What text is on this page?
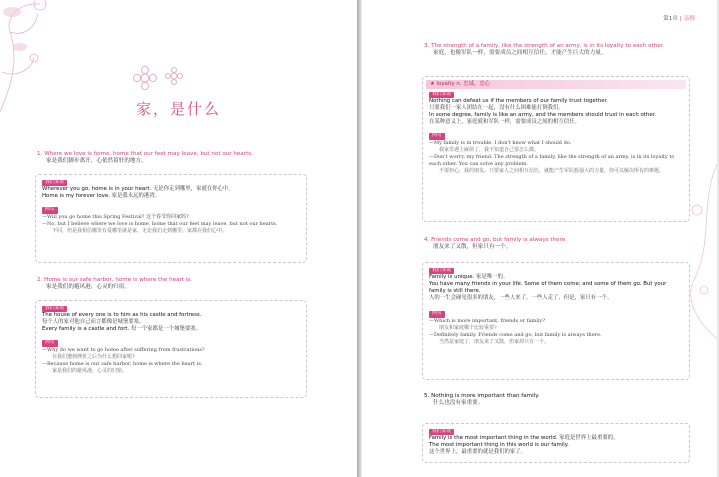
家，是什么
1. Where we love is home, home that our feet may leave, but not our hearts.
家是我们脚步离开，心依然留驻的地方。
我们来说
Wherever you go, home is in your heart. 无论你走到哪里，家就在你心中。
Home is my forever love. 家是我永远的港湾。
例句
—Will you go home this Spring Festival? 这个春节你回家吗?
—No, but I believe where we love is home, home that our feet may leave, but not our hearts.
不回，但是我相信哪里有爱哪里就是家，无论我们走到哪里，家都在我们心中。
2. Home is our safe harbor, home is where the heart is.
家是我们的避风港，心灵的归宿。
我们来说
The house of every one is to him as his castle and fortress.
每个人的家对他自己而言都像是城堡要塞。
Every family is a castle and fort. 每一个家都是一个城堡要塞。
例句
—Why do we want to go home after suffering from frustrations?
在我们遭到挫折之后为什么想回家呢?
—Because home is our safe harbor, home is where the heart is.
家是我们的避风港，心灵的归宿。
第1章 | 亲情
3. The strength of a family, like the strength of an army, is in its loyalty to each other.
家庭，也像军队一样，需要成员之间相互信任，才能产生巨大的力量。
★ loyalty n. 忠诚，忠心
我们来说
Nothing can defeat us if the members of our family trust together.
只要我们一家人团结在一起，没有什么困难能打倒我们。
In some degree, family is like an army, and the members should trust in each other.
在某种意义上，家庭就和军队一样，需要成员之间的相互信任。
例句
—My family is in trouble. I don't know what I should do.
我家里遇上麻烦了，我不知道自己要怎么做。
—Don't worry, my friend. The strength of a family, like the strength of an army, is in its loyalty to each other. You can solve any problem.
不要担心，我的朋友。只要家人之间相互信任，就能产生军队般强大的力量，你可以解决所有的难题。
4. Friends come and go, but family is always there.
朋友来了又散，但家只有一个。
我们来说
Family is unique. 家是唯一的。
You have many friends in your life. Some of them come; and some of them go. But your family is still there.
人的一生会碰见很多的朋友，一些人来了，一些人走了，但是，家只有一个。
例句
—Which is more important, friends or family?
朋友和家庭哪个比较重要?
—Definitely family. Friends come and go, but family is always there.
当然是家庭了，朋友来了又散，但家却只有一个。
5. Nothing is more important than family.
什么也没有家重要。
我们来说
Family is the most important thing in the world. 家庭是世界上最重要的。
The most important thing in this world is our family.
这个世界上，最重要的就是我们的家了。
